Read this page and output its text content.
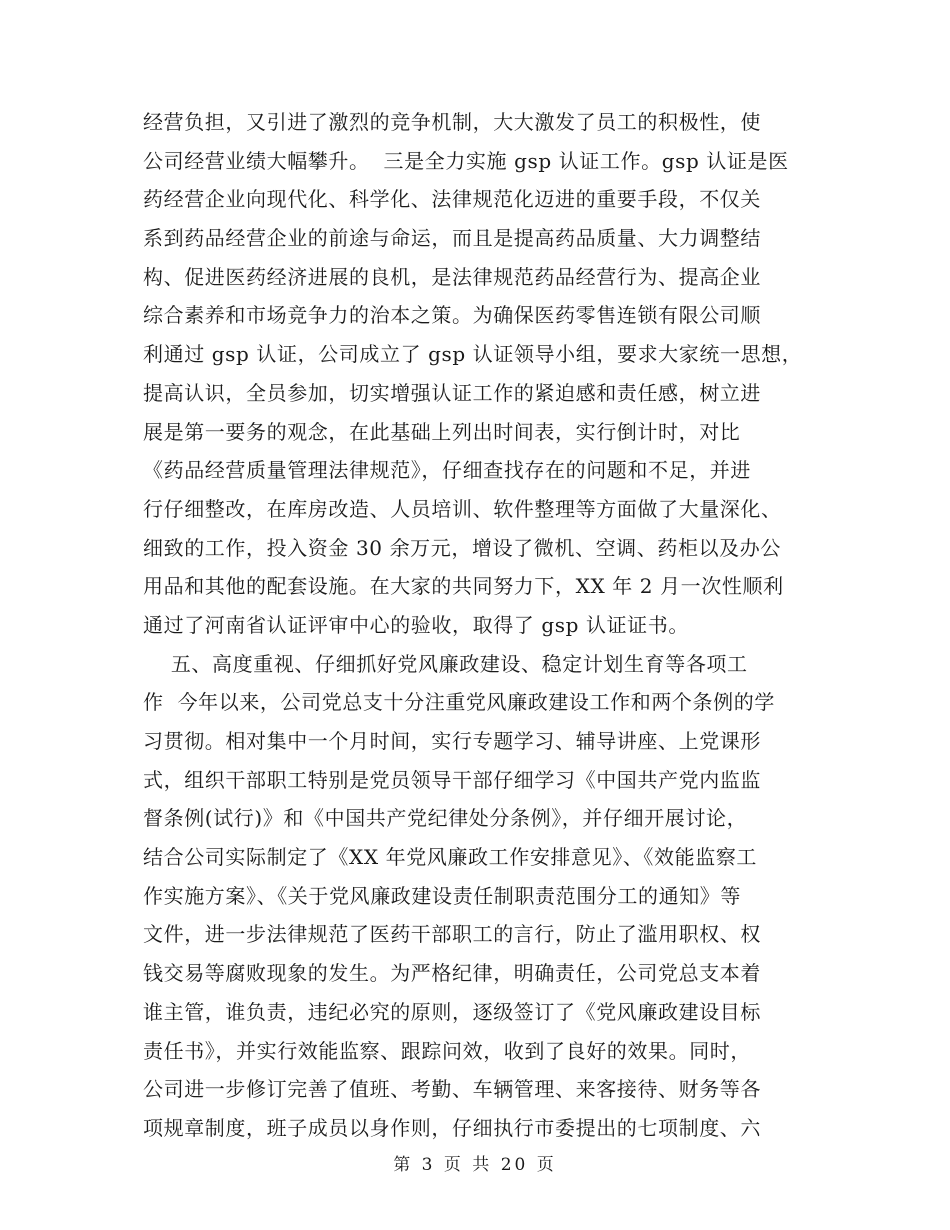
经营负担，又引进了激烈的竞争机制，大大激发了员工的积极性，使
公司经营业绩大幅攀升。  三是全力实施 gsp 认证工作。gsp 认证是医
药经营企业向现代化、科学化、法律规范化迈进的重要手段，不仅关
系到药品经营企业的前途与命运，而且是提高药品质量、大力调整结
构、促进医药经济进展的良机，是法律规范药品经营行为、提高企业
综合素养和市场竞争力的治本之策。为确保医药零售连锁有限公司顺
利通过 gsp 认证，公司成立了 gsp 认证领导小组，要求大家统一思想，
提高认识，全员参加，切实增强认证工作的紧迫感和责任感，树立进
展是第一要务的观念，在此基础上列出时间表，实行倒计时，对比
《药品经营质量管理法律规范》，仔细查找存在的问题和不足，并进
行仔细整改，在库房改造、人员培训、软件整理等方面做了大量深化、
细致的工作，投入资金 30 余万元，增设了微机、空调、药柜以及办公
用品和其他的配套设施。在大家的共同努力下，XX 年 2 月一次性顺利
通过了河南省认证评审中心的验收，取得了 gsp 认证证书。
五、高度重视、仔细抓好党风廉政建设、稳定计划生育等各项工
作  今年以来，公司党总支十分注重党风廉政建设工作和两个条例的学
习贯彻。相对集中一个月时间，实行专题学习、辅导讲座、上党课形
式，组织干部职工特别是党员领导干部仔细学习《中国共产党内监监
督条例(试行)》和《中国共产党纪律处分条例》，并仔细开展讨论，
结合公司实际制定了《XX 年党风廉政工作安排意见》、《效能监察工
作实施方案》、《关于党风廉政建设责任制职责范围分工的通知》等
文件，进一步法律规范了医药干部职工的言行，防止了滥用职权、权
钱交易等腐败现象的发生。为严格纪律，明确责任，公司党总支本着
谁主管，谁负责，违纪必究的原则，逐级签订了《党风廉政建设目标
责任书》，并实行效能监察、跟踪问效，收到了良好的效果。同时，
公司进一步修订完善了值班、考勤、车辆管理、来客接待、财务等各
项规章制度，班子成员以身作则，仔细执行市委提出的七项制度、六
第 3 页 共 20 页
